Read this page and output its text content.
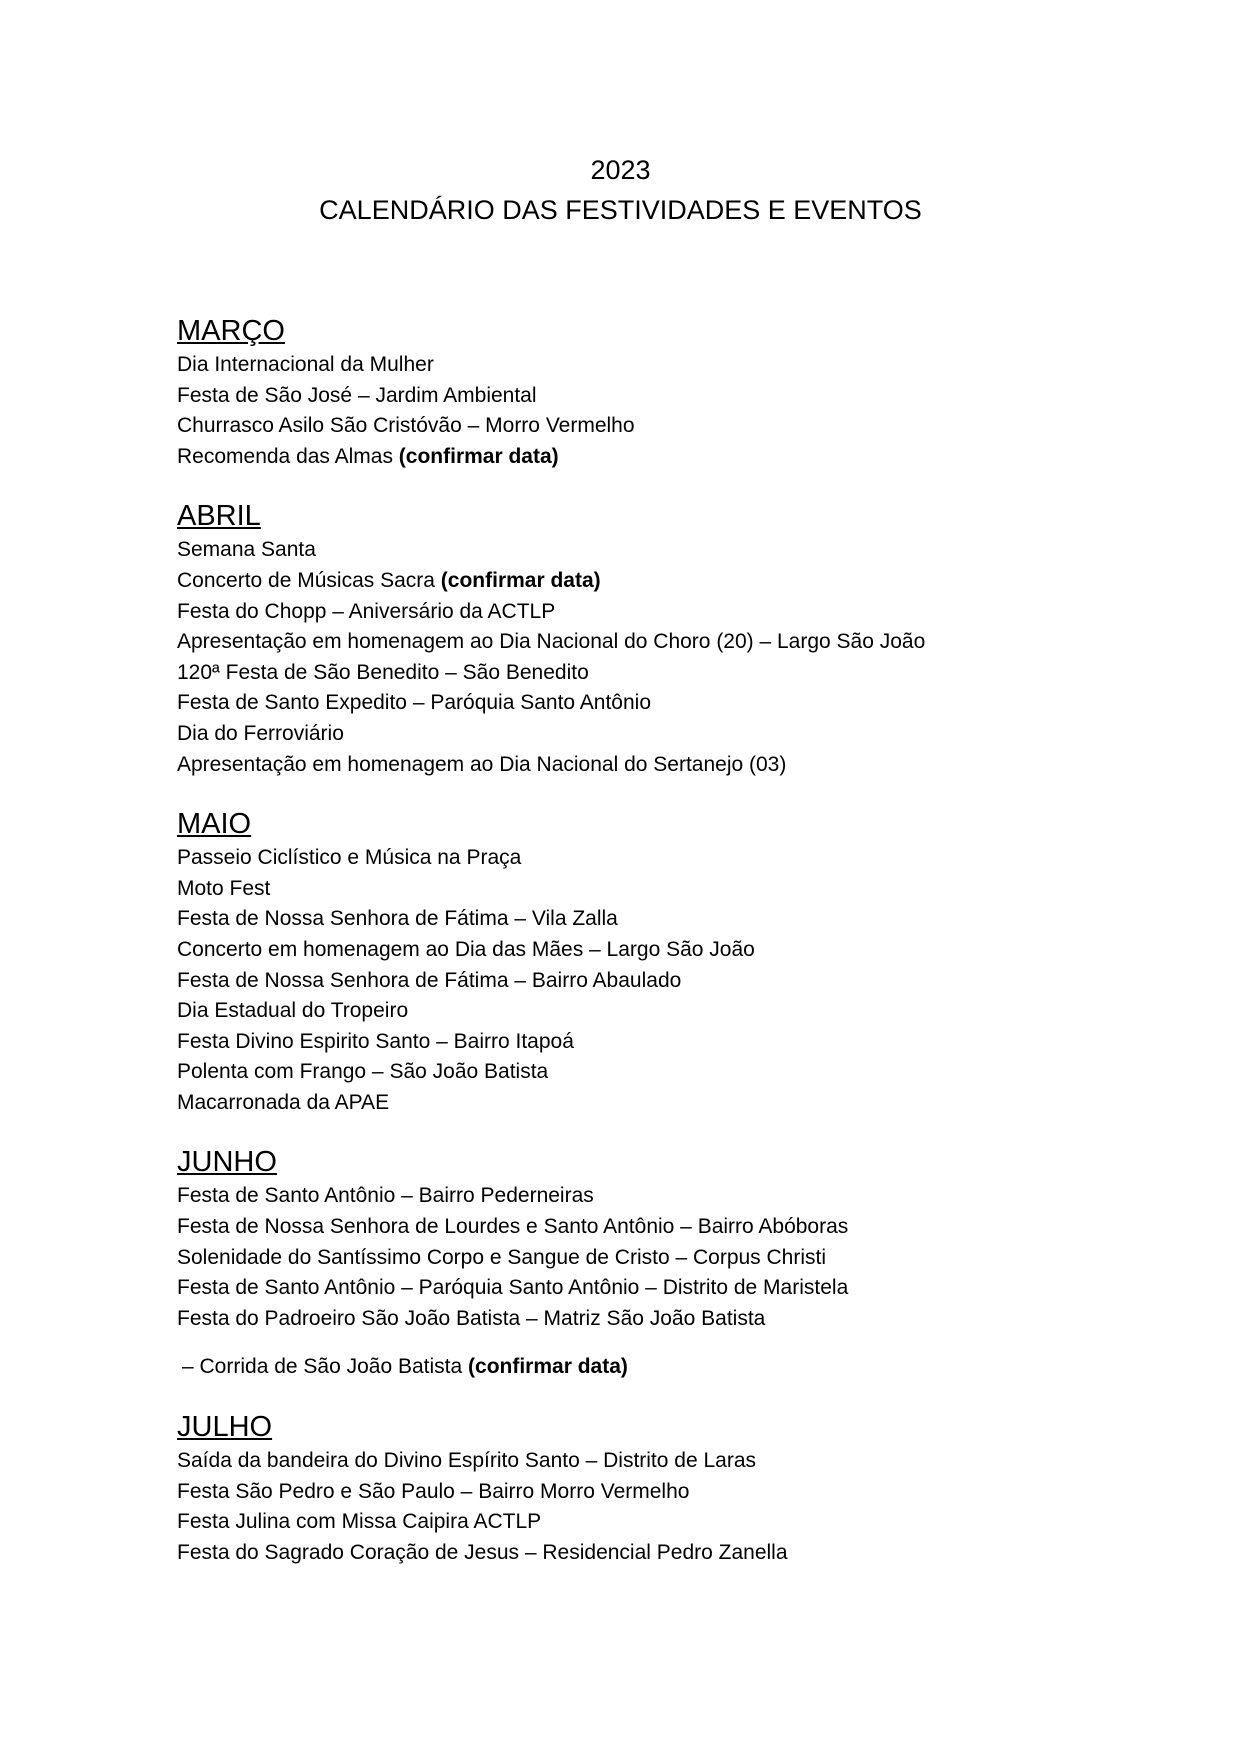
2023
CALENDÁRIO DAS FESTIVIDADES E EVENTOS
MARÇO
Dia Internacional da Mulher
Festa de São José – Jardim Ambiental
Churrasco Asilo São Cristóvão – Morro Vermelho
Recomenda das Almas (confirmar data)
ABRIL
Semana Santa
Concerto de Músicas Sacra (confirmar data)
Festa do Chopp – Aniversário da ACTLP
Apresentação em homenagem ao Dia Nacional do Choro (20) – Largo São João
120ª Festa de São Benedito – São Benedito
Festa de Santo Expedito – Paróquia Santo Antônio
Dia do Ferroviário
Apresentação em homenagem ao Dia Nacional do Sertanejo (03)
MAIO
Passeio Ciclístico e Música na Praça
Moto Fest
Festa de Nossa Senhora de Fátima – Vila Zalla
Concerto em homenagem ao Dia das Mães – Largo São João
Festa de Nossa Senhora de Fátima – Bairro Abaulado
Dia Estadual do Tropeiro
Festa Divino Espirito Santo – Bairro Itapoá
Polenta com Frango – São João Batista
Macarronada da APAE
JUNHO
Festa de Santo Antônio – Bairro Pederneiras
Festa de Nossa Senhora de Lourdes e Santo Antônio – Bairro Abóboras
Solenidade do Santíssimo Corpo e Sangue de Cristo – Corpus Christi
Festa de Santo Antônio – Paróquia Santo Antônio – Distrito de Maristela
Festa do Padroeiro São João Batista – Matriz São João Batista
– Corrida de São João Batista (confirmar data)
JULHO
Saída da bandeira do Divino Espírito Santo – Distrito de Laras
Festa São Pedro e São Paulo – Bairro Morro Vermelho
Festa Julina com Missa Caipira ACTLP
Festa do Sagrado Coração de Jesus – Residencial Pedro Zanella
